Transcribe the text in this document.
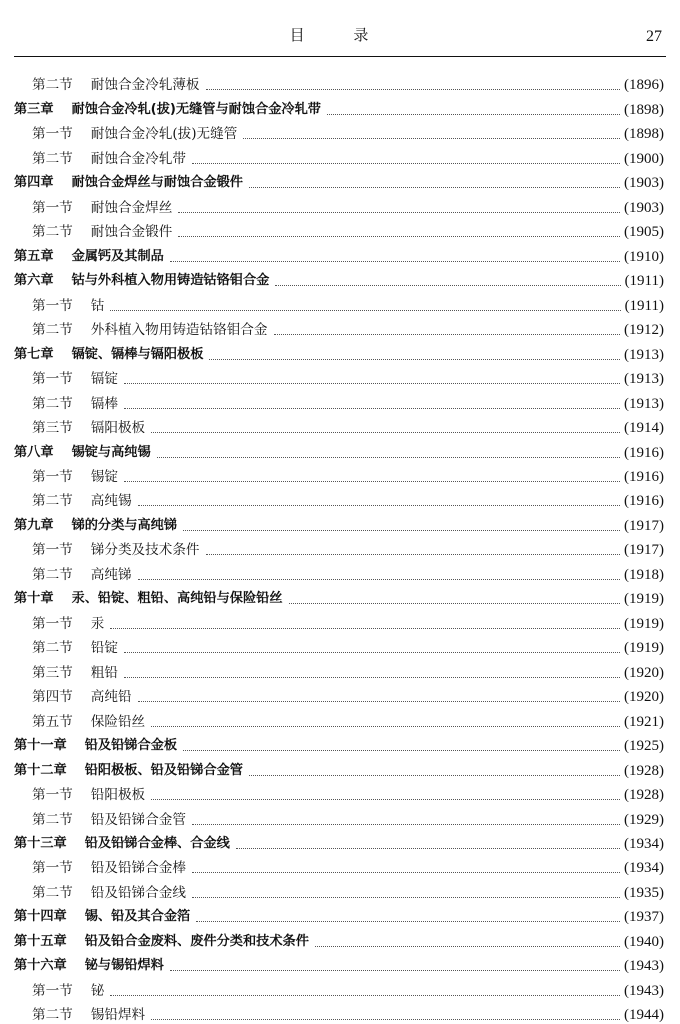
目 录	27
第二节 耐蚀合金冷轧薄板	(1896)
第三章 耐蚀合金冷轧(拔)无缝管与耐蚀合金冷轧带	(1898)
第一节 耐蚀合金冷轧(拔)无缝管	(1898)
第二节 耐蚀合金冷轧带	(1900)
第四章 耐蚀合金焊丝与耐蚀合金锻件	(1903)
第一节 耐蚀合金焊丝	(1903)
第二节 耐蚀合金锻件	(1905)
第五章 金属钙及其制品	(1910)
第六章 钴与外科植入物用铸造钴铬钼合金	(1911)
第一节 钴	(1911)
第二节 外科植入物用铸造钴铬钼合金	(1912)
第七章 镉锭、镉棒与镉阳极板	(1913)
第一节 镉锭	(1913)
第二节 镉棒	(1913)
第三节 镉阳极板	(1914)
第八章 锡锭与高纯锡	(1916)
第一节 锡锭	(1916)
第二节 高纯锡	(1916)
第九章 锑的分类与高纯锑	(1917)
第一节 锑分类及技术条件	(1917)
第二节 高纯锑	(1918)
第十章 汞、铅锭、粗铅、高纯铅与保险铅丝	(1919)
第一节 汞	(1919)
第二节 铅锭	(1919)
第三节 粗铅	(1920)
第四节 高纯铅	(1920)
第五节 保险铅丝	(1921)
第十一章 铅及铅锑合金板	(1925)
第十二章 铅阳极板、铅及铅锑合金管	(1928)
第一节 铅阳极板	(1928)
第二节 铅及铅锑合金管	(1929)
第十三章 铅及铅锑合金棒、合金线	(1934)
第一节 铅及铅锑合金棒	(1934)
第二节 铅及铅锑合金线	(1935)
第十四章 锡、铅及其合金箔	(1937)
第十五章 铅及铅合金废料、废件分类和技术条件	(1940)
第十六章 铋与锡铅焊料	(1943)
第一节 铋	(1943)
第二节 锡铅焊料	(1944)
